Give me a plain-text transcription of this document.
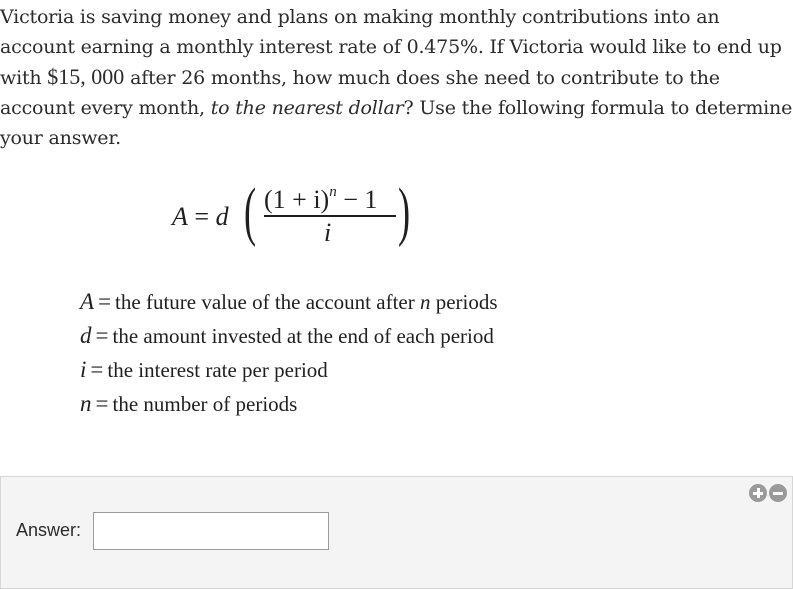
Victoria is saving money and plans on making monthly contributions into an account earning a monthly interest rate of 0.475%. If Victoria would like to end up with $15, 000 after 26 months, how much does she need to contribute to the account every month, to the nearest dollar? Use the following formula to determine your answer.
A = d ( $(1 + i)^n - 1$
i )
A = the future value of the account after n periods
d = the amount invested at the end of each period
i = the interest rate per period
n = the number of periods
Answer:
